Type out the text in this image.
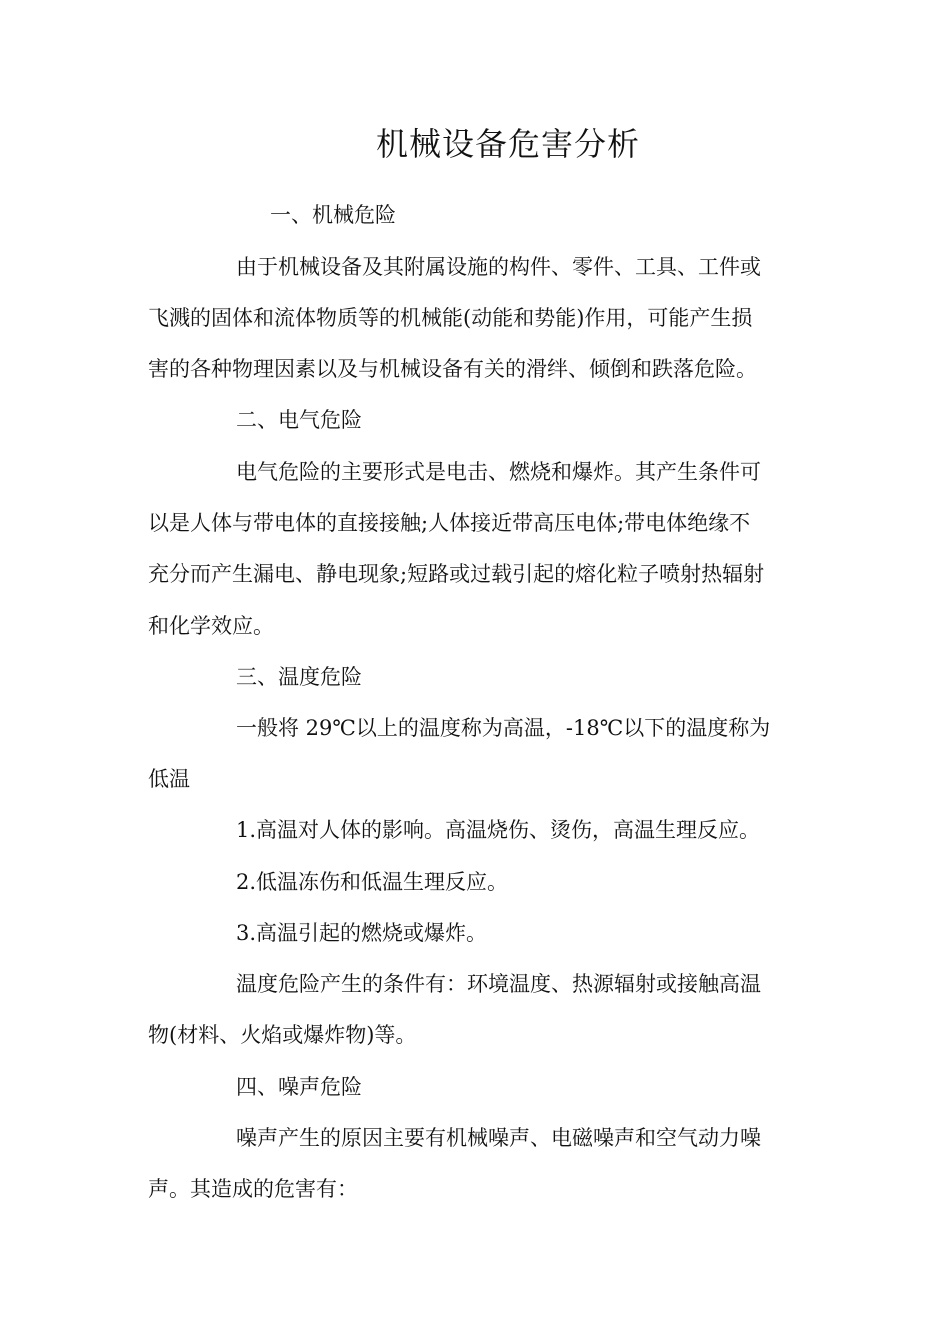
机械设备危害分析
一、机械危险
由于机械设备及其附属设施的构件、零件、工具、工件或
飞溅的固体和流体物质等的机械能(动能和势能)作用，可能产生损
害的各种物理因素以及与机械设备有关的滑绊、倾倒和跌落危险。
二、电气危险
电气危险的主要形式是电击、燃烧和爆炸。其产生条件可
以是人体与带电体的直接接触;人体接近带高压电体;带电体绝缘不
充分而产生漏电、静电现象;短路或过载引起的熔化粒子喷射热辐射
和化学效应。
三、温度危险
一般将 29℃以上的温度称为高温，-18℃以下的温度称为
低温
1.高温对人体的影响。高温烧伤、烫伤，高温生理反应。
2.低温冻伤和低温生理反应。
3.高温引起的燃烧或爆炸。
温度危险产生的条件有：环境温度、热源辐射或接触高温
物(材料、火焰或爆炸物)等。
四、噪声危险
噪声产生的原因主要有机械噪声、电磁噪声和空气动力噪
声。其造成的危害有：
